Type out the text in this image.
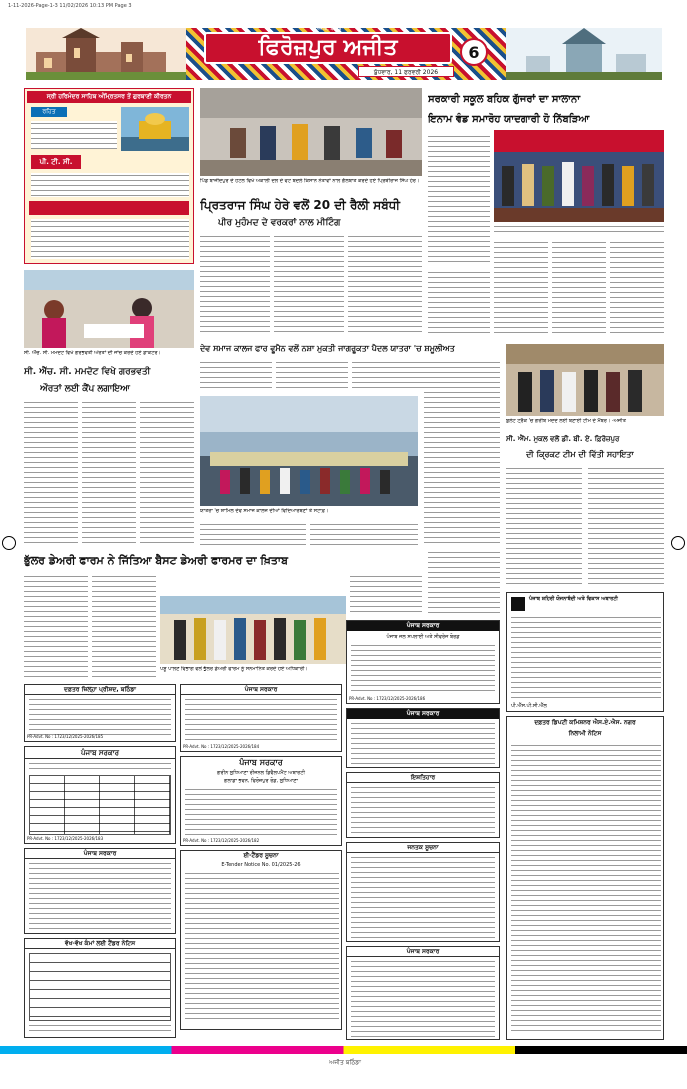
1-11-2026-Page-1-3 11/02/2026 10:13 PM Page 3
ਫਿਰੋਜ਼ਪੁਰ ਅਜੀਤ
ਅਜੀਤ, ਬਠਿੰਡਾ
ਬੁੱਧਵਾਰ, 11 ਫਰਵਰੀ 2026
6
ਸ੍ਰੀ ਹਰਿਮੰਦਰ ਸਾਹਿਬ ਅੰਮ੍ਰਿਤਸਰ ਤੋਂ ਗੁਰਬਾਣੀ ਕੀਰਤਨ
ਰਹਿਤ
ਪੀ. ਟੀ. ਸੀ.
ਪਿੰਡ ਬਾਜੀਦਪੁਰ ਦੇ ਹੋਟਲ ਵਿਖੇ ਅਕਾਲੀ ਦਲ ਦੇ ਵੋਟ ਬਦਲੇ ਕਿਸਾਨ ਨੇਤਾਵਾਂ ਨਾਲ ਗੱਲਬਾਤ ਕਰਦੇ ਹੋਏ ਪ੍ਰਿਥੀਰਾਜ ਸਿੰਘ ਹੇਰ।
ਪ੍ਰਿਤਰਾਜ ਸਿੰਘ ਹੇਰੇ ਵਲੋਂ 20 ਦੀ ਰੈਲੀ ਸਬੰਧੀ
ਪੀਰ ਮੁਹੰਮਦ ਦੇ ਵਰਕਰਾਂ ਨਾਲ ਮੀਟਿੰਗ
ਸਰਕਾਰੀ ਸਕੂਲ ਬਹਿਕ ਗੁੱਜਰਾਂ ਦਾ ਸਾਲਾਨਾ
ਇਨਾਮ ਵੰਡ ਸਮਾਰੋਹ ਯਾਦਗਾਰੀ ਹੋ ਨਿੱਬੜਿਆ
ਸੀ. ਐੱਚ. ਸੀ. ਮਮਦੋਟ ਵਿਖੇ ਗਰਭਵਤੀ ਔਰਤਾਂ ਦੀ ਜਾਂਚ ਕਰਦੇ ਹੋਏ ਡਾਕਟਰ।
ਸੀ. ਐੱਚ. ਸੀ. ਮਮਦੋਟ ਵਿਖੇ ਗਰਭਵਤੀ
ਔਰਤਾਂ ਲਈ ਕੈਂਪ ਲਗਾਇਆ
ਦੇਵ ਸਮਾਜ ਕਾਲਜ ਫਾਰ ਵੂਮੈਨ ਵਲੋਂ ਨਸ਼ਾ ਮੁਕਤੀ ਜਾਗਰੂਕਤਾ ਪੈਦਲ ਯਾਤਰਾ 'ਚ ਸ਼ਮੂਲੀਅਤ
ਯਾਤਰਾ 'ਚ ਸ਼ਾਮਿਲ ਦੇਵ ਸਮਾਜ ਕਾਲਜ ਦੀਆਂ ਵਿਦਿਆਰਥਣਾਂ ਤੇ ਸਟਾਫ਼।
ਬੁਲੇਟ ਟ੍ਰੈਕ 'ਚ ਗਰੀਬ ਮਦਦ ਲਈ ਬਣਾਈ ਟੀਮ ਦੇ ਮੈਂਬਰ। -ਅਜੀਤ
ਸੀ. ਐੱਮ. ਮੁਕਲ ਵਲੋਂ ਡੀ. ਬੀ. ਏ. ਫ਼ਿਰੋਜ਼ਪੁਰ
ਦੀ ਕ੍ਰਿਕਟ ਟੀਮ ਦੀ ਵਿੱਤੀ ਸਹਾਇਤਾ
ਭੁੱਲਰ ਡੇਅਰੀ ਫਾਰਮ ਨੇ ਜਿੱਤਿਆ ਬੈਸਟ ਡੇਅਰੀ ਫਾਰਮਰ ਦਾ ਖ਼ਿਤਾਬ
ਪਸ਼ੂ ਪਾਲਣ ਵਿਭਾਗ ਵਲੋਂ ਭੁੱਲਰ ਡੇਅਰੀ ਫਾਰਮ ਨੂੰ ਸਨਮਾਨਿਤ ਕਰਦੇ ਹੋਏ ਅਧਿਕਾਰੀ।
ਪੰਜਾਬ ਸਰਕਾਰ
ਪੰਜਾਬ ਜਲ ਸਪਲਾਈ ਅਤੇ ਸੀਵਰੇਜ ਬੋਰਡ
PR-Advt. No : 1723/12/2025-2026/186
ਦਫ਼ਤਰ ਜ਼ਿਲ੍ਹਾ ਪ੍ਰੀਸ਼ਦ, ਬਠਿੰਡਾ
PR-Advt. No : 1723/12/2025-2026/185
ਪੰਜਾਬ ਸਰਕਾਰ
PR-Advt. No : 1723/12/2025-2026/184
ਪੰਜਾਬ ਸਰਕਾਰ
PR-Advt. No : 1723/12/2025-2026/183
ਪੰਜਾਬ ਸਰਕਾਰ
ਗਰੀਨ ਲੁਧਿਆਣਾ ਰੀਜਨਲ ਡਿਵੈਲਪਮੈਂਟ ਅਥਾਰਟੀ
ਗਲਾਡਾ ਭਵਨ, ਫਿਰੋਜ਼ਪੁਰ ਰੋਡ, ਲੁਧਿਆਣਾ
PR-Advt. No : 1723/12/2025-2026/182
ਪੰਜਾਬ ਸਰਕਾਰ
ਇਸ਼ਤਿਹਾਰ
ਪੰਜਾਬ ਸ਼ਹਿਰੀ ਯੋਜਨਾਬੰਦੀ ਅਤੇ ਵਿਕਾਸ ਅਥਾਰਟੀ
ਪੀ.ਐੱਸ.ਪੀ.ਸੀ.ਐੱਲ
ਦਫ਼ਤਰ ਡਿਪਟੀ ਕਮਿਸ਼ਨਰ ਐਸ.ਏ.ਐਸ. ਨਗਰ
ਨਿਲਾਮੀ ਨੋਟਿਸ
ਪੰਜਾਬ ਸਰਕਾਰ	ਈ-ਟੈਂਡਰ ਸੂਚਨਾ
E-Tender Notice No. 01/2025-26
ਜਨਤਕ ਸੂਚਨਾ
ਵੱਖ-ਵੱਖ ਕੰਮਾਂ ਲਈ ਟੈਂਡਰ ਨੋਟਿਸ
ਪੰਜਾਬ ਸਰਕਾਰ
ਅਜੀਤ ਬਠਿੰਡਾ
